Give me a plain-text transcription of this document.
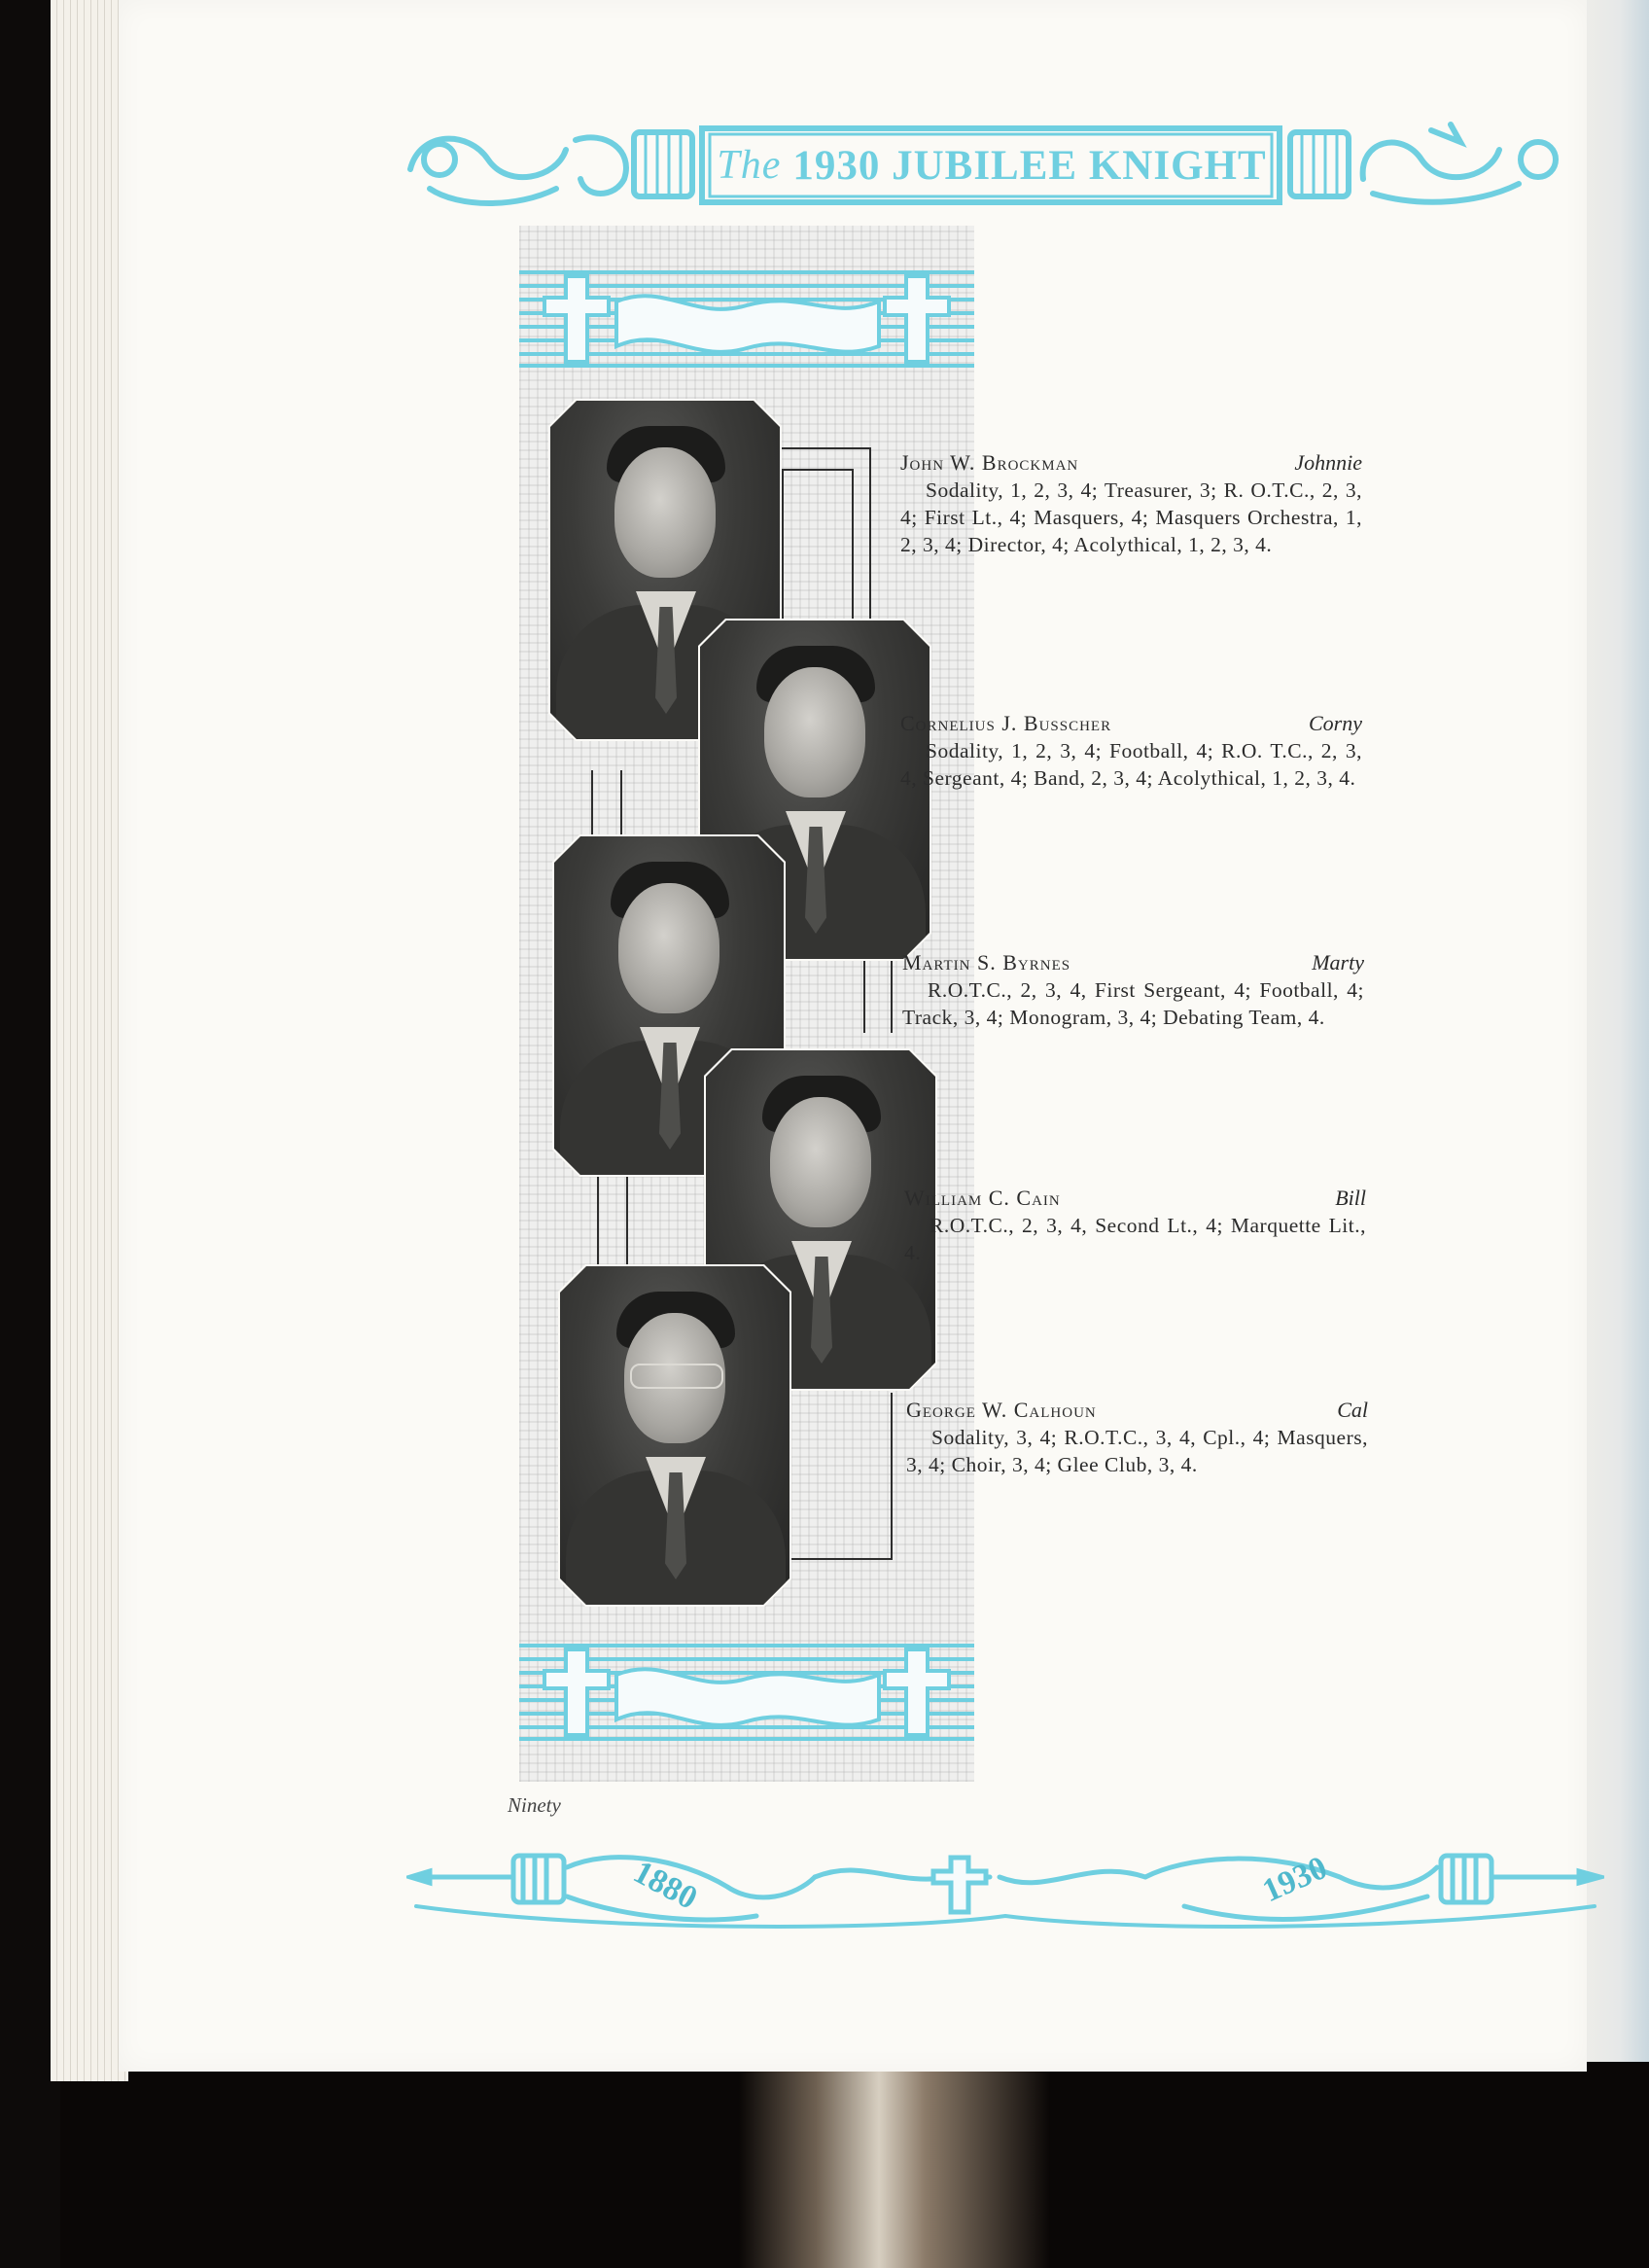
The 1930 JUBILEE KNIGHT
John W. Brockman	Johnnie
Sodality, 1, 2, 3, 4; Treasurer, 3; R. O.T.C., 2, 3, 4; First Lt., 4; Masquers, 4; Masquers Orchestra, 1, 2, 3, 4; Director, 4; Acolythical, 1, 2, 3, 4.
Cornelius J. Busscher	Corny
Sodality, 1, 2, 3, 4; Football, 4; R.O. T.C., 2, 3, 4, Sergeant, 4; Band, 2, 3, 4; Acolythical, 1, 2, 3, 4.
Martin S. Byrnes	Marty
R.O.T.C., 2, 3, 4, First Sergeant, 4; Football, 4; Track, 3, 4; Monogram, 3, 4; Debating Team, 4.
William C. Cain	Bill
R.O.T.C., 2, 3, 4, Second Lt., 4; Marquette Lit., 4.
George W. Calhoun	Cal
Sodality, 3, 4; R.O.T.C., 3, 4, Cpl., 4; Masquers, 3, 4; Choir, 3, 4; Glee Club, 3, 4.
Ninety
1880	1930
